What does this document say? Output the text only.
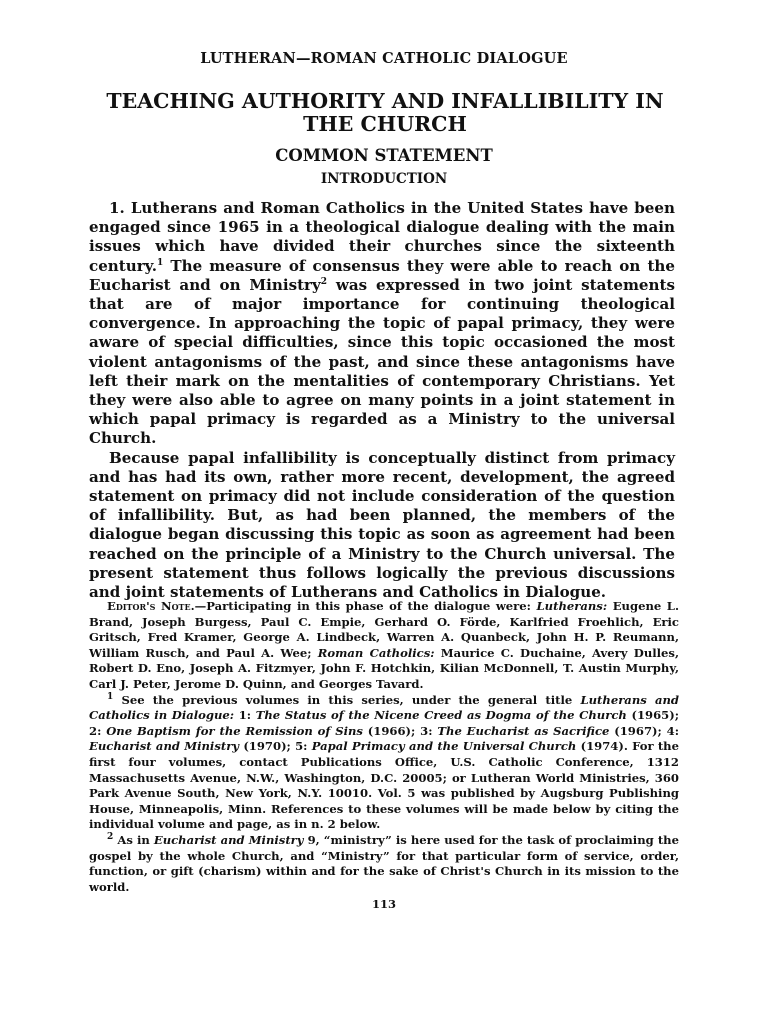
LUTHERAN—ROMAN CATHOLIC DIALOGUE
TEACHING AUTHORITY AND INFALLIBILITY IN THE CHURCH
COMMON STATEMENT
INTRODUCTION

1. Lutherans and Roman Catholics in the United States have been engaged since 1965 in a theological dialogue dealing with the main issues which have divided their churches since the sixteenth century.$^1$ The measure of consensus they were able to reach on the Eucharist and on Ministry$^2$ was expressed in two joint statements that are of major importance for continuing theological convergence. In approaching the topic of papal primacy, they were aware of special difficulties, since this topic occasioned the most violent antagonisms of the past, and since these antagonisms have left their mark on the mentalities of contemporary Christians. Yet they were also able to agree on many points in a joint statement in which papal primacy is regarded as a Ministry to the universal Church.

Because papal infallibility is conceptually distinct from primacy and has had its own, rather more recent, development, the agreed statement on primacy did not include consideration of the question of infallibility. But, as had been planned, the members of the dialogue began discussing this topic as soon as agreement had been reached on the principle of a Ministry to the Church universal. The present statement thus follows logically the previous discussions and joint statements of Lutherans and Catholics in Dialogue.

Editor's Note.—Participating in this phase of the dialogue were: Lutherans: Eugene L. Brand, Joseph Burgess, Paul C. Empie, Gerhard O. Förde, Karlfried Froehlich, Eric Gritsch, Fred Kramer, George A. Lindbeck, Warren A. Quanbeck, John H. P. Reumann, William Rusch, and Paul A. Wee; Roman Catholics: Maurice C. Duchaine, Avery Dulles, Robert D. Eno, Joseph A. Fitzmyer, John F. Hotchkin, Kilian McDonnell, T. Austin Murphy, Carl J. Peter, Jerome D. Quinn, and Georges Tavard.

$^1$ See the previous volumes in this series, under the general title Lutherans and Catholics in Dialogue: 1: The Status of the Nicene Creed as Dogma of the Church (1965); 2: One Baptism for the Remission of Sins (1966); 3: The Eucharist as Sacrifice (1967); 4: Eucharist and Ministry (1970); 5: Papal Primacy and the Universal Church (1974). For the first four volumes, contact Publications Office, U.S. Catholic Conference, 1312 Massachusetts Avenue, N.W., Washington, D.C. 20005; or Lutheran World Ministries, 360 Park Avenue South, New York, N.Y. 10010. Vol. 5 was published by Augsburg Publishing House, Minneapolis, Minn. References to these volumes will be made below by citing the individual volume and page, as in n. 2 below.

$^2$ As in Eucharist and Ministry 9, “ministry” is here used for the task of proclaiming the gospel by the whole Church, and “Ministry” for that particular form of service, order, function, or gift (charism) within and for the sake of Christ's Church in its mission to the world.

113
